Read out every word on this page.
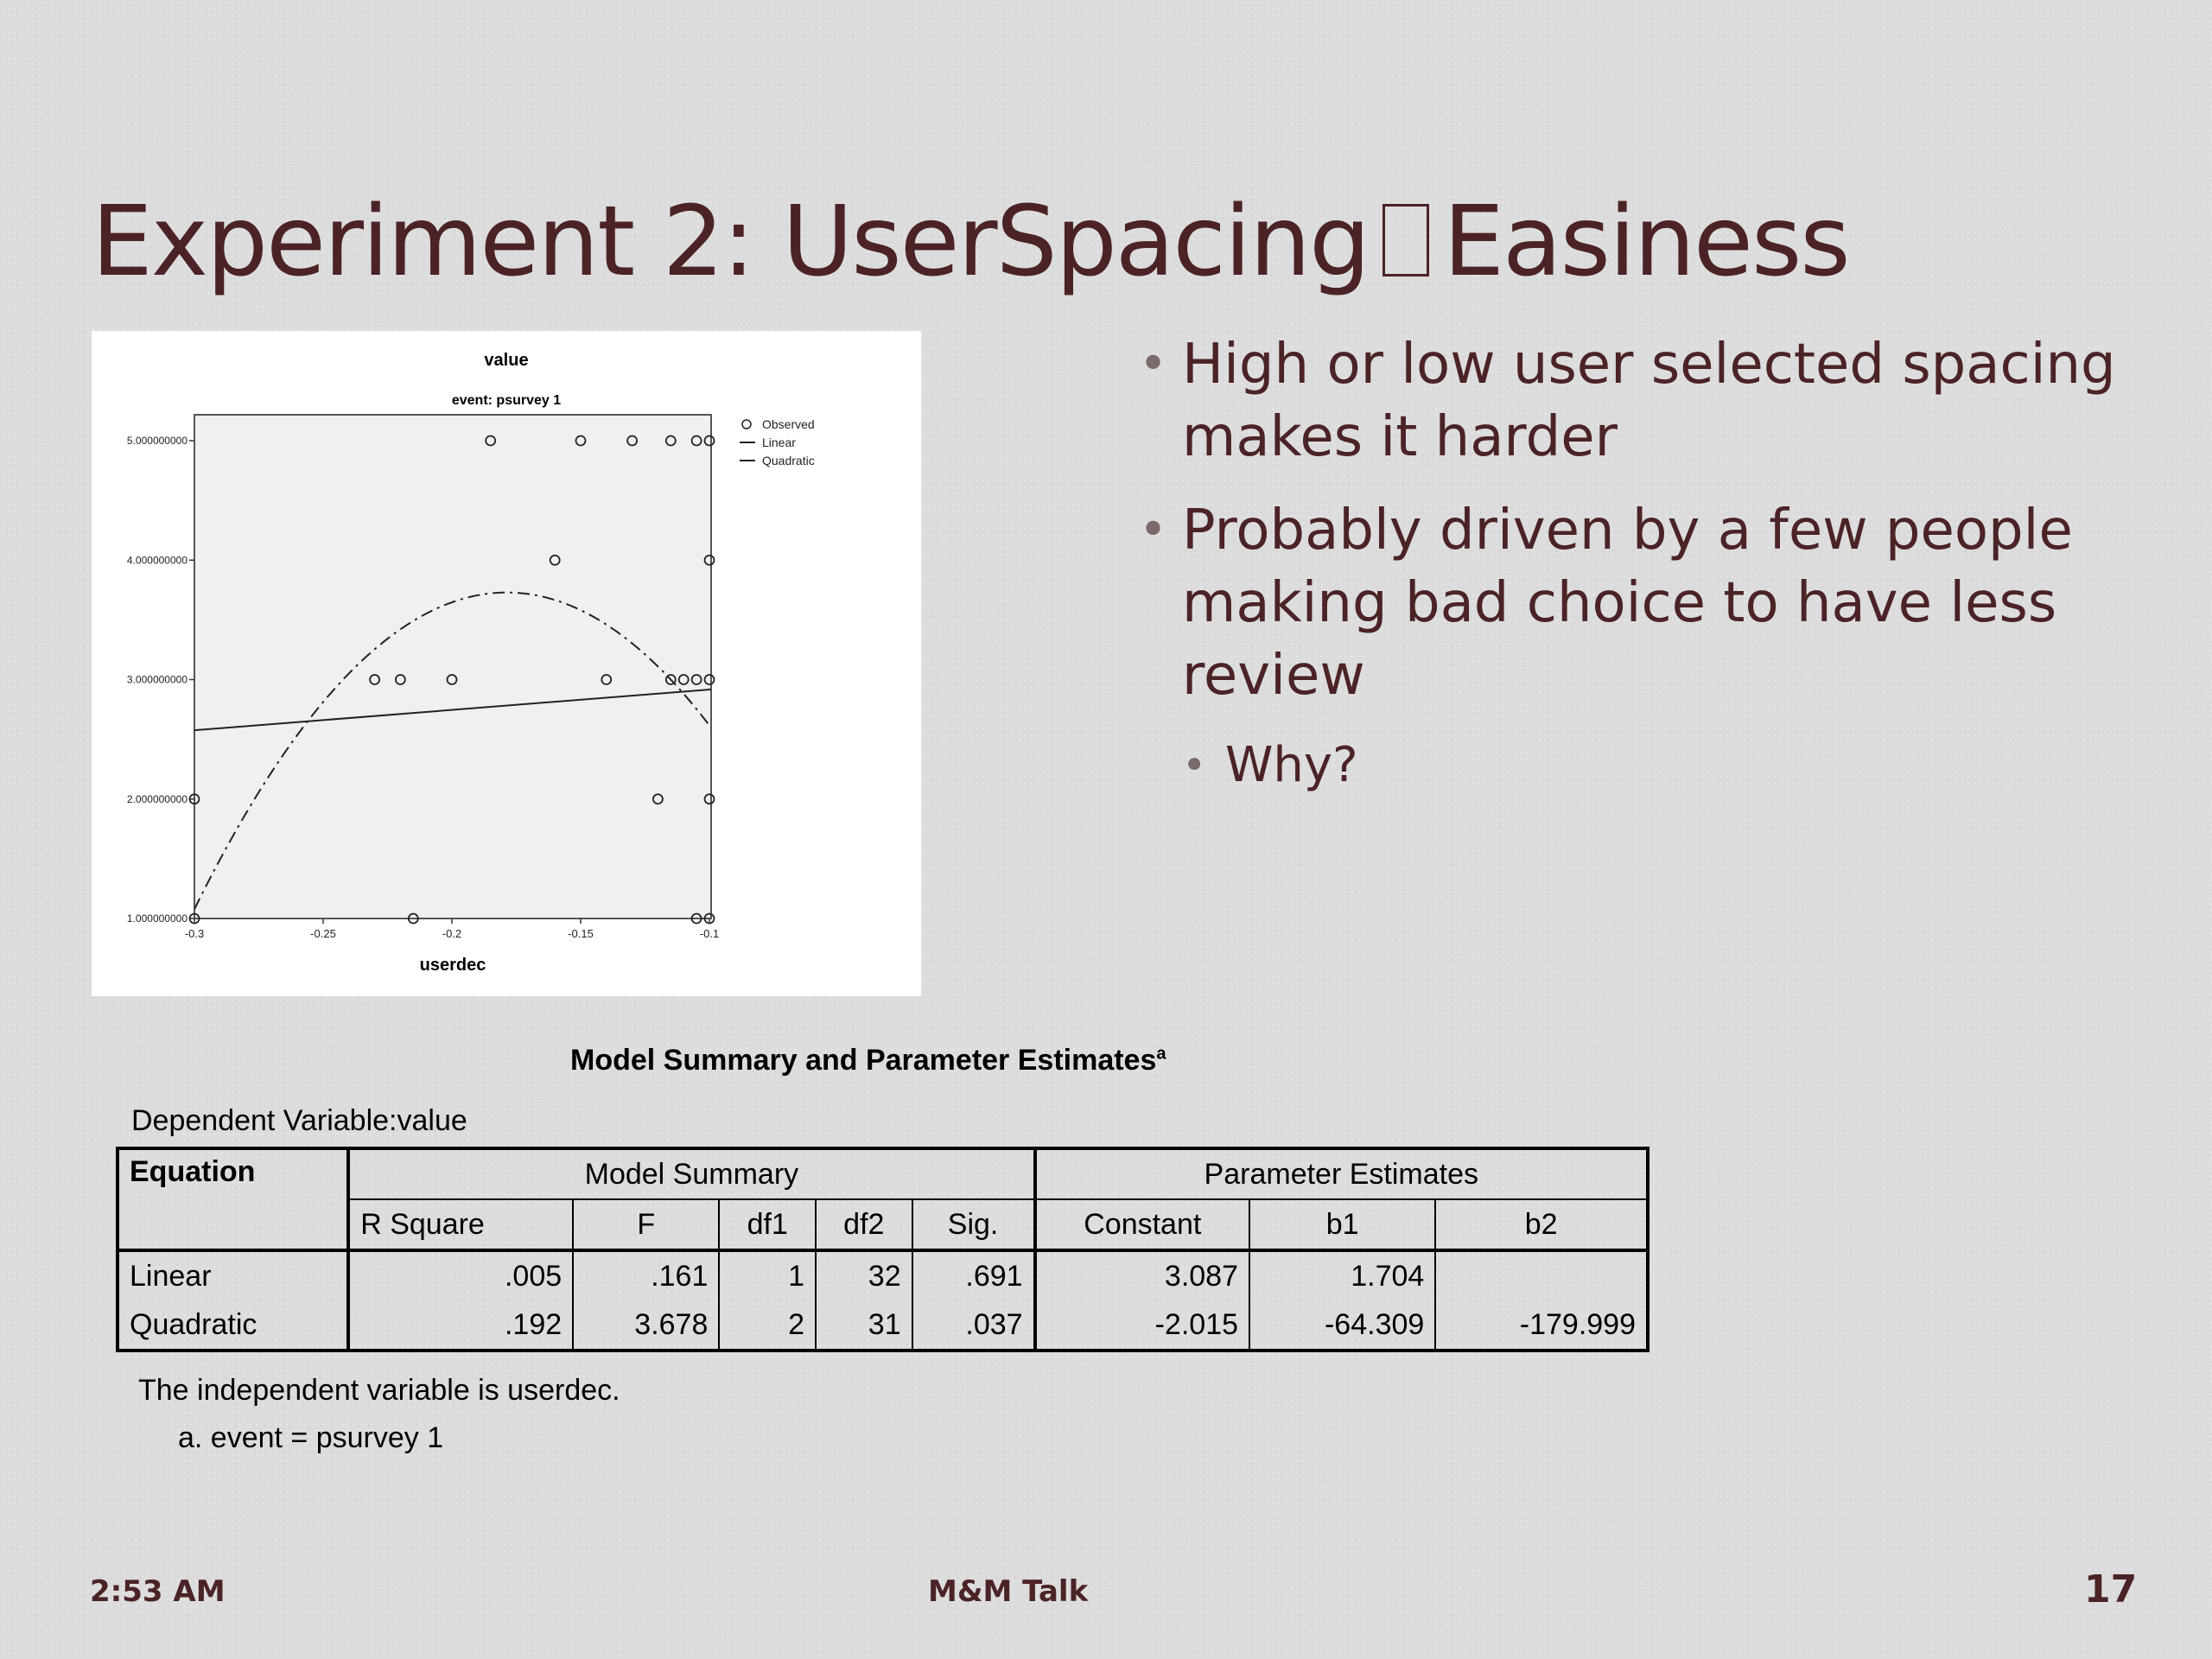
Experiment 2: UserSpacing Easiness
value
event: psurvey 1
1.000000000
2.000000000
3.000000000
4.000000000
5.000000000
-0.3	-0.25	-0.2	-0.15	-0.1
userdec
Observed
Linear
Quadratic
• High or low user selected spacing makes it harder
• Probably driven by a few people making bad choice to have less review
• Why?
Model Summary and Parameter Estimates$^a$
Dependent Variable:value
Equation	Model Summary					Parameter Estimates		
	R Square	F	df1	df2	Sig.	Constant	b1	b2
Linear	.005	.161	1	32	.691	3.087	1.704	
Quadratic	.192	3.678	2	31	.037	-2.015	-64.309	-179.999
The independent variable is userdec.
a. event = psurvey 1
2:53 AM	M&M Talk	17
